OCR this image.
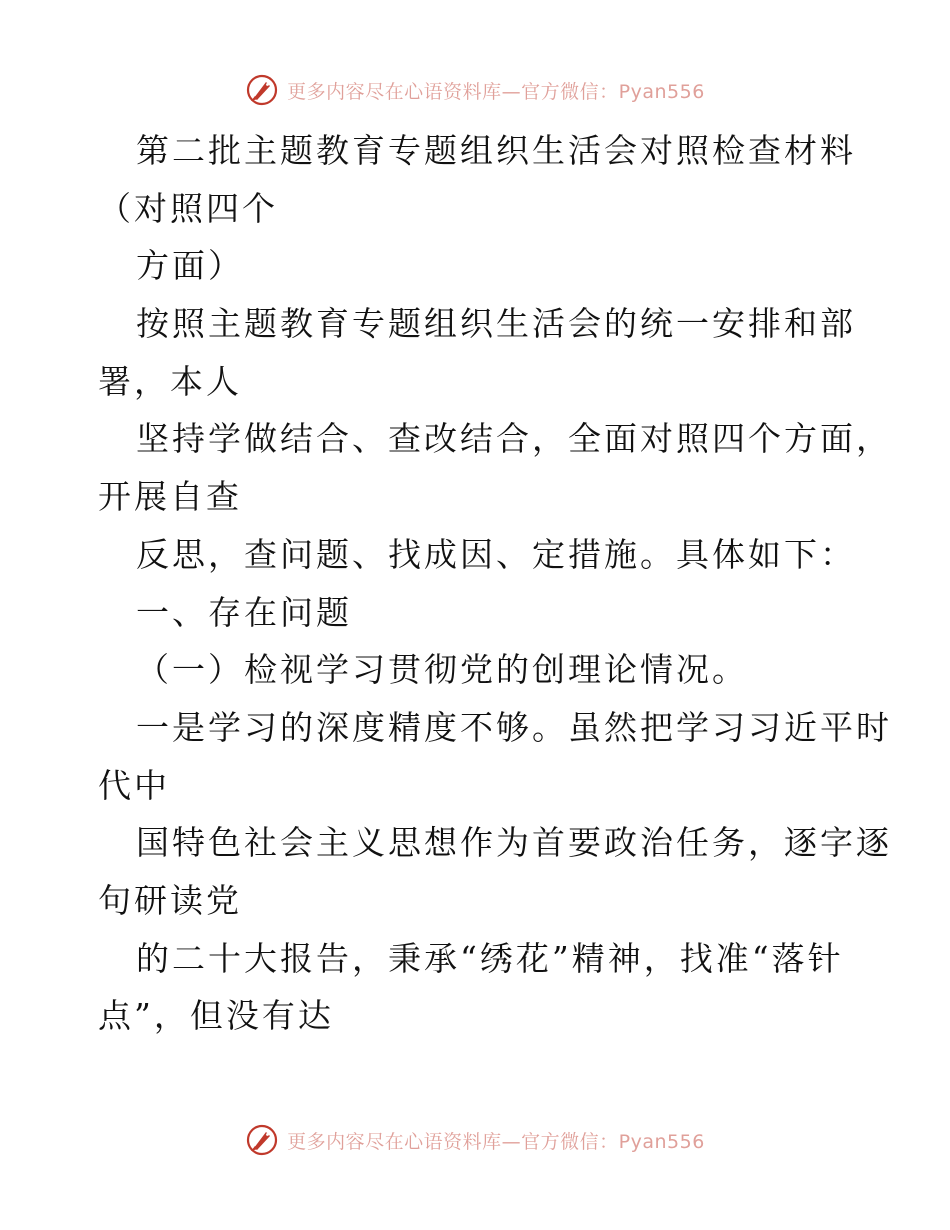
更多内容尽在心语资料库—官方微信：Pyan556
第二批主题教育专题组织生活会对照检查材料
（对照四个
方面）
按照主题教育专题组织生活会的统一安排和部
署，本人
坚持学做结合、查改结合，全面对照四个方面，
开展自查
反思，查问题、找成因、定措施。具体如下：
一、存在问题
（一）检视学习贯彻党的创理论情况。
一是学习的深度精度不够。虽然把学习习近平时
代中
国特色社会主义思想作为首要政治任务，逐字逐
句研读党
的二十大报告，秉承“绣花”精神，找准“落针
点”，但没有达
更多内容尽在心语资料库—官方微信：Pyan556
